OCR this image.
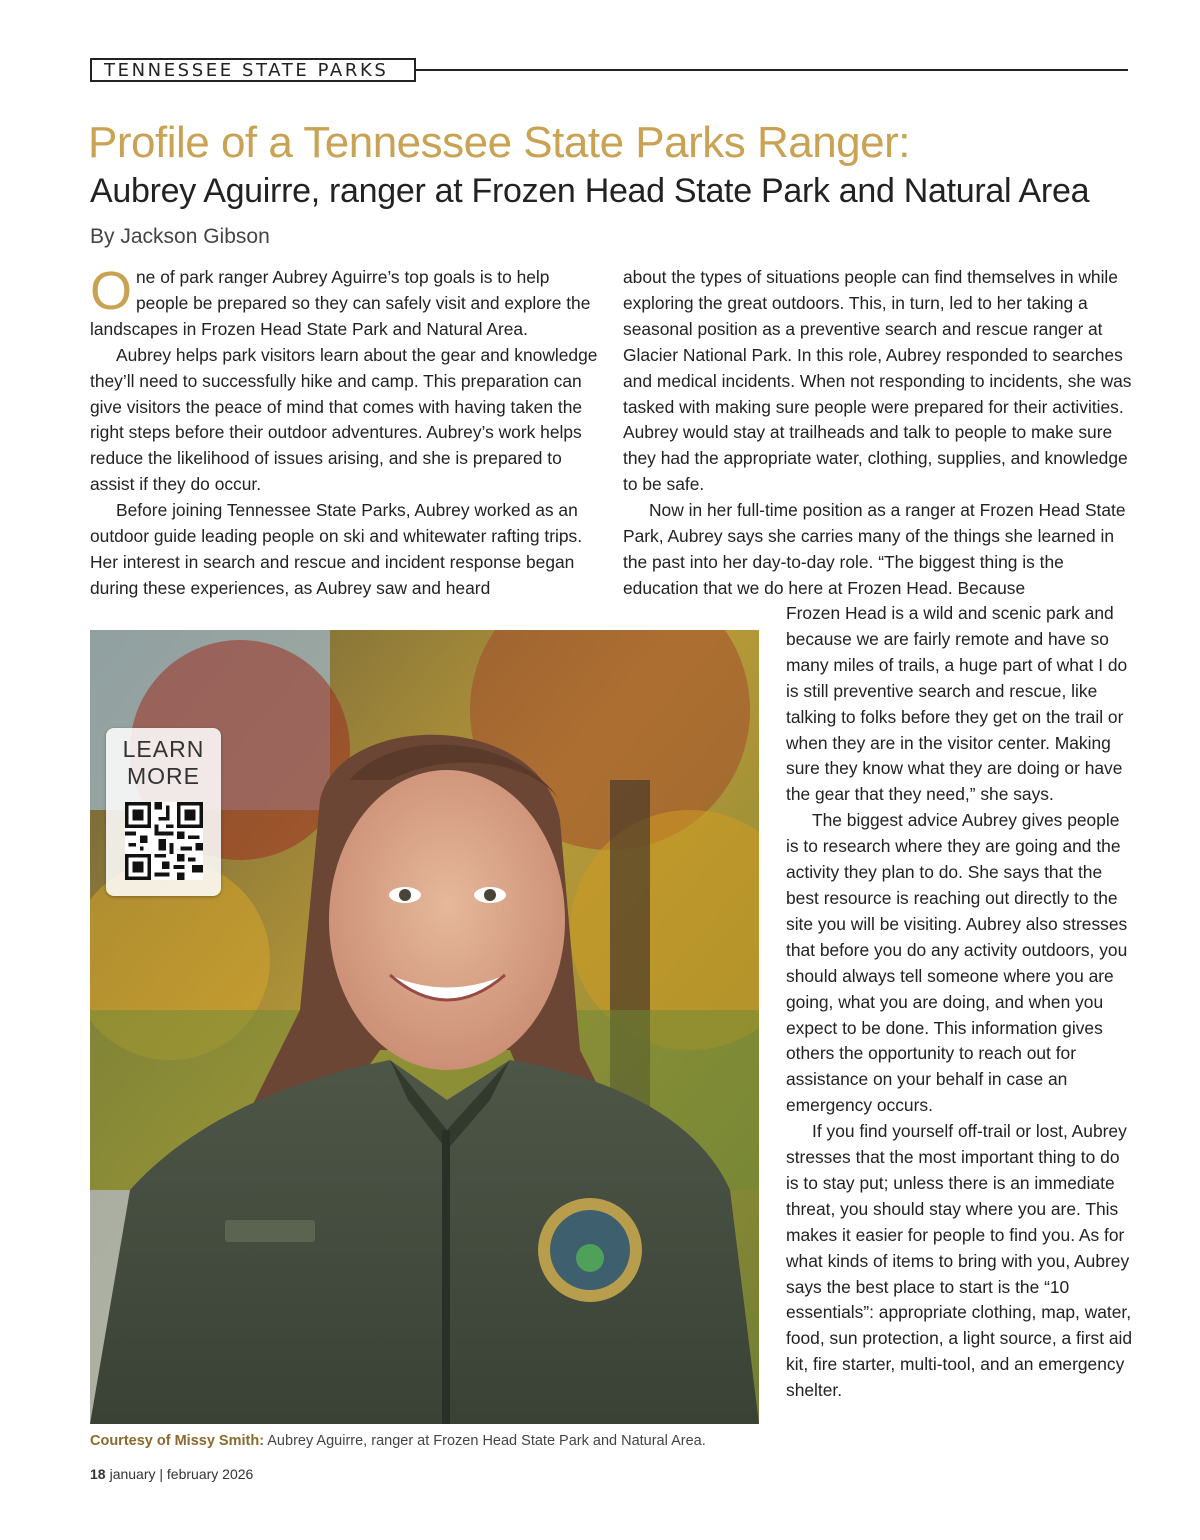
TENNESSEE STATE PARKS
Profile of a Tennessee State Parks Ranger:
Aubrey Aguirre, ranger at Frozen Head State Park and Natural Area

By Jackson Gibson

One of park ranger Aubrey Aguirre’s top goals is to help people be prepared so they can safely visit and explore the landscapes in Frozen Head State Park and Natural Area.

Aubrey helps park visitors learn about the gear and knowledge they’ll need to successfully hike and camp. This preparation can give visitors the peace of mind that comes with having taken the right steps before their outdoor adventures. Aubrey’s work helps reduce the likelihood of issues arising, and she is prepared to assist if they do occur.

Before joining Tennessee State Parks, Aubrey worked as an outdoor guide leading people on ski and whitewater rafting trips. Her interest in search and rescue and incident response began during these experiences, as Aubrey saw and heard

about the types of situations people can find themselves in while exploring the great outdoors. This, in turn, led to her taking a seasonal position as a preventive search and rescue ranger at Glacier National Park. In this role, Aubrey responded to searches and medical incidents. When not responding to incidents, she was tasked with making sure people were prepared for their activities. Aubrey would stay at trailheads and talk to people to make sure they had the appropriate water, clothing, supplies, and knowledge to be safe.

Now in her full-time position as a ranger at Frozen Head State Park, Aubrey says she carries many of the things she learned in the past into her day-to-day role. “The biggest thing is the education that we do here at Frozen Head. Because

Frozen Head is a wild and scenic park and because we are fairly remote and have so many miles of trails, a huge part of what I do is still preventive search and rescue, like talking to folks before they get on the trail or when they are in the visitor center. Making sure they know what they are doing or have the gear that they need,” she says.

The biggest advice Aubrey gives people is to research where they are going and the activity they plan to do. She says that the best resource is reaching out directly to the site you will be visiting. Aubrey also stresses that before you do any activity outdoors, you should always tell someone where you are going, what you are doing, and when you expect to be done. This information gives others the opportunity to reach out for assistance on your behalf in case an emergency occurs.

If you find yourself off-trail or lost, Aubrey stresses that the most important thing to do is to stay put; unless there is an immediate threat, you should stay where you are. This makes it easier for people to find you. As for what kinds of items to bring with you, Aubrey says the best place to start is the “10 essentials”: appropriate clothing, map, water, food, sun protection, a light source, a first aid kit, fire starter, multi-tool, and an emergency shelter.

LEARN
MORE

Courtesy of Missy Smith: Aubrey Aguirre, ranger at Frozen Head State Park and Natural Area.

18 january | february 2026
